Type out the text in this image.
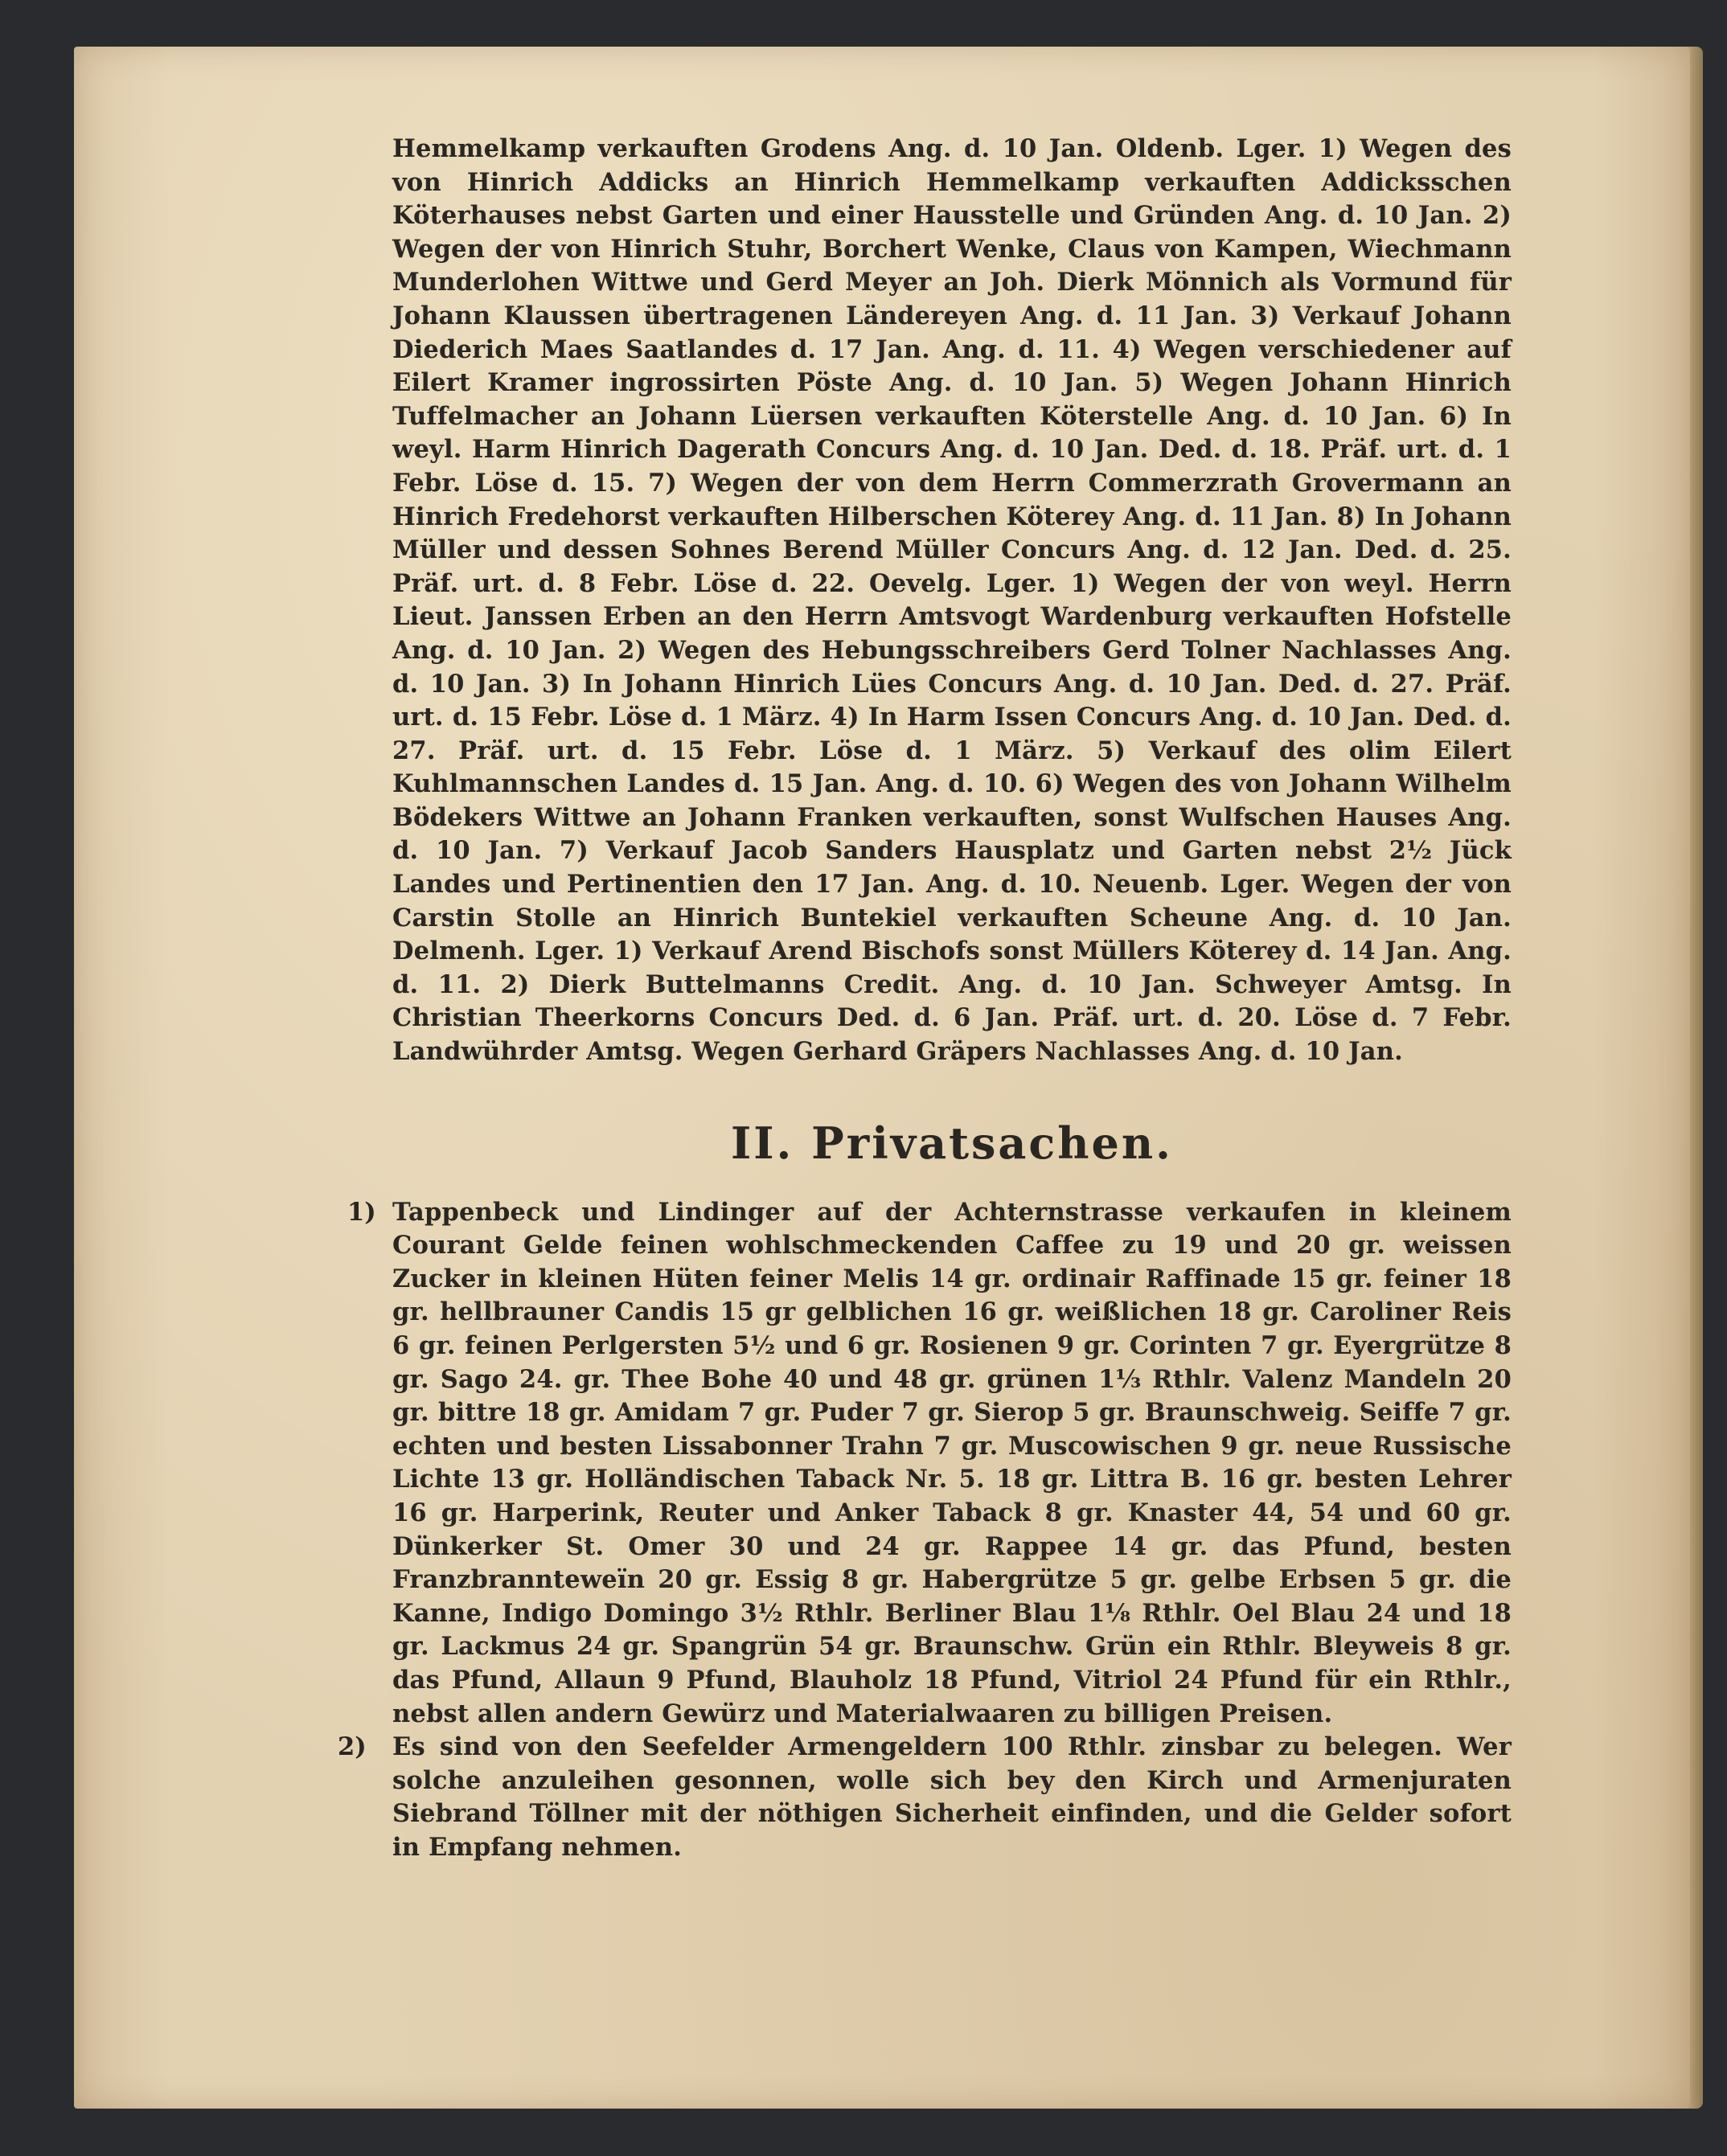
Hemmelkamp verkauften Grodens Ang. d. 10 Jan. Oldenb. Lger. 1) Wegen des von Hinrich Addicks an Hinrich Hemmelkamp verkauften Addicksschen Köterhauses nebst Garten und einer Hausstelle und Gründen Ang. d. 10 Jan. 2) Wegen der von Hinrich Stuhr, Borchert Wenke, Claus von Kampen, Wiechmann Munderlohen Wittwe und Gerd Meyer an Joh. Dierk Mönnich als Vormund für Johann Klaussen übertragenen Ländereyen Ang. d. 11 Jan. 3) Verkauf Johann Diederich Maes Saatlandes d. 17 Jan. Ang. d. 11. 4) Wegen verschiedener auf Eilert Kramer ingrossirten Pöste Ang. d. 10 Jan. 5) Wegen Johann Hinrich Tuffelmacher an Johann Lüersen verkauften Köterstelle Ang. d. 10 Jan. 6) In weyl. Harm Hinrich Dagerath Concurs Ang. d. 10 Jan. Ded. d. 18. Präf. urt. d. 1 Febr. Löse d. 15. 7) Wegen der von dem Herrn Commerzrath Grovermann an Hinrich Fredehorst verkauften Hilberschen Köterey Ang. d. 11 Jan. 8) In Johann Müller und dessen Sohnes Berend Müller Concurs Ang. d. 12 Jan. Ded. d. 25. Präf. urt. d. 8 Febr. Löse d. 22. Oevelg. Lger. 1) Wegen der von weyl. Herrn Lieut. Janssen Erben an den Herrn Amtsvogt Wardenburg verkauften Hofstelle Ang. d. 10 Jan. 2) Wegen des Hebungsschreibers Gerd Tolner Nachlasses Ang. d. 10 Jan. 3) In Johann Hinrich Lües Concurs Ang. d. 10 Jan. Ded. d. 27. Präf. urt. d. 15 Febr. Löse d. 1 März. 4) In Harm Issen Concurs Ang. d. 10 Jan. Ded. d. 27. Präf. urt. d. 15 Febr. Löse d. 1 März. 5) Verkauf des olim Eilert Kuhlmannschen Landes d. 15 Jan. Ang. d. 10. 6) Wegen des von Johann Wilhelm Bödekers Wittwe an Johann Franken verkauften, sonst Wulfschen Hauses Ang. d. 10 Jan. 7) Verkauf Jacob Sanders Hausplatz und Garten nebst 2½ Jück Landes und Pertinentien den 17 Jan. Ang. d. 10. Neuenb. Lger. Wegen der von Carstin Stolle an Hinrich Buntekiel verkauften Scheune Ang. d. 10 Jan. Delmenh. Lger. 1) Verkauf Arend Bischofs sonst Müllers Köterey d. 14 Jan. Ang. d. 11. 2) Dierk Buttelmanns Credit. Ang. d. 10 Jan. Schweyer Amtsg. In Christian Theerkorns Concurs Ded. d. 6 Jan. Präf. urt. d. 20. Löse d. 7 Febr. Landwührder Amtsg. Wegen Gerhard Gräpers Nachlasses Ang. d. 10 Jan.

II. Privatsachen.
1) Tappenbeck und Lindinger auf der Achternstrasse verkaufen in kleinem Courant Gelde feinen wohlschmeckenden Caffee zu 19 und 20 gr. weissen Zucker in kleinen Hüten feiner Melis 14 gr. ordinair Raffinade 15 gr. feiner 18 gr. hellbrauner Candis 15 gr gelblichen 16 gr. weißlichen 18 gr. Caroliner Reis 6 gr. feinen Perlgersten 5½ und 6 gr. Rosienen 9 gr. Corinten 7 gr. Eyergrütze 8 gr. Sago 24. gr. Thee Bohe 40 und 48 gr. grünen 1⅓ Rthlr. Valenz Mandeln 20 gr. bittre 18 gr. Amidam 7 gr. Puder 7 gr. Sierop 5 gr. Braunschweig. Seiffe 7 gr. echten und besten Lissabonner Trahn 7 gr. Muscowischen 9 gr. neue Russische Lichte 13 gr. Holländischen Taback Nr. 5. 18 gr. Littra B. 16 gr. besten Lehrer 16 gr. Harperink, Reuter und Anker Taback 8 gr. Knaster 44, 54 und 60 gr. Dünkerker St. Omer 30 und 24 gr. Rappee 14 gr. das Pfund, besten Franzbrannteweïn 20 gr. Essig 8 gr. Habergrütze 5 gr. gelbe Erbsen 5 gr. die Kanne, Indigo Domingo 3½ Rthlr. Berliner Blau 1⅛ Rthlr. Oel Blau 24 und 18 gr. Lackmus 24 gr. Spangrün 54 gr. Braunschw. Grün ein Rthlr. Bleyweis 8 gr. das Pfund, Allaun 9 Pfund, Blauholz 18 Pfund, Vitriol 24 Pfund für ein Rthlr., nebst allen andern Gewürz und Materialwaaren zu billigen Preisen.

2) Es sind von den Seefelder Armengeldern 100 Rthlr. zinsbar zu belegen. Wer solche anzuleihen gesonnen, wolle sich bey den Kirch und Armenjuraten Siebrand Töllner mit der nöthigen Sicherheit einfinden, und die Gelder sofort in Empfang nehmen.
